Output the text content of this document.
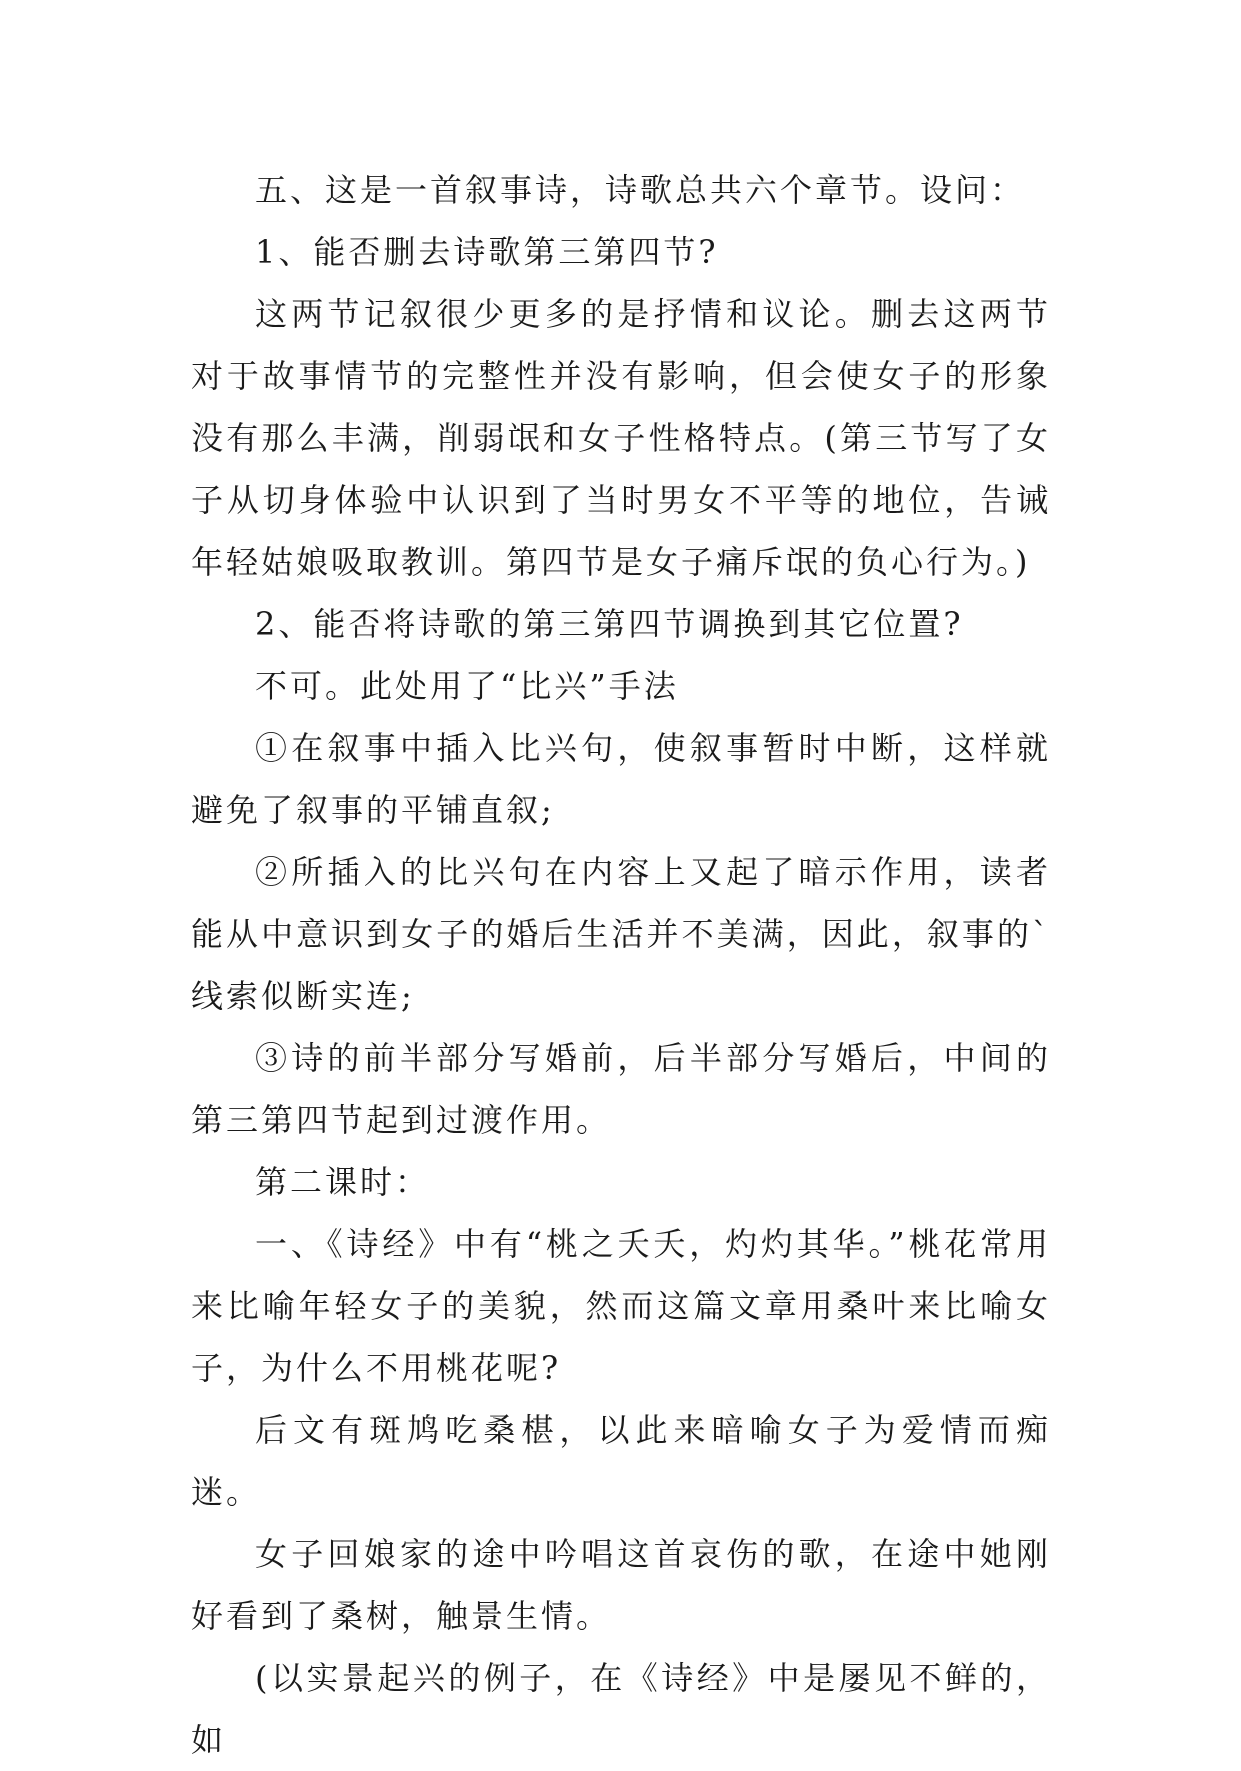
五、这是一首叙事诗，诗歌总共六个章节。设问：

1、能否删去诗歌第三第四节?

这两节记叙很少更多的是抒情和议论。删去这两节对于故事情节的完整性并没有影响，但会使女子的形象没有那么丰满，削弱氓和女子性格特点。(第三节写了女子从切身体验中认识到了当时男女不平等的地位，告诫年轻姑娘吸取教训。第四节是女子痛斥氓的负心行为。)

2、能否将诗歌的第三第四节调换到其它位置?

不可。此处用了“比兴”手法

①在叙事中插入比兴句，使叙事暂时中断，这样就避免了叙事的平铺直叙;

②所插入的比兴句在内容上又起了暗示作用，读者能从中意识到女子的婚后生活并不美满，因此，叙事的`线索似断实连;

③诗的前半部分写婚前，后半部分写婚后，中间的第三第四节起到过渡作用。

第二课时：

一、《诗经》中有“桃之夭夭，灼灼其华。”桃花常用来比喻年轻女子的美貌，然而这篇文章用桑叶来比喻女子，为什么不用桃花呢?

后文有斑鸠吃桑椹，以此来暗喻女子为爱情而痴迷。

女子回娘家的途中吟唱这首哀伤的歌，在途中她刚好看到了桑树，触景生情。

(以实景起兴的例子，在《诗经》中是屡见不鲜的，如
